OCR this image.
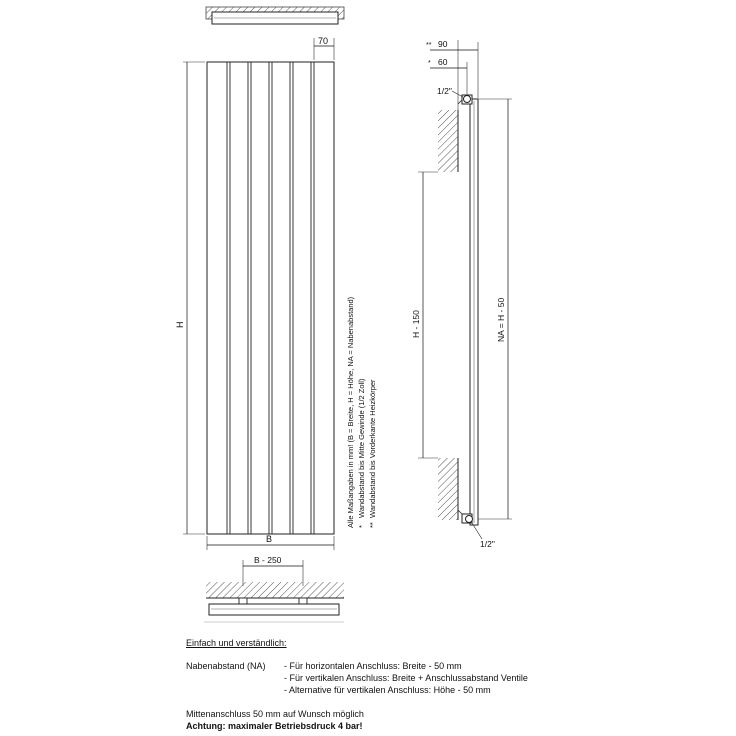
70
H
B
Alle Maßangaben in mm! (B = Breite, H = Höhe, NA = Nabenabstand) *
Wandabstand bis Mitte Gewinde (1/2 Zoll)
**
Wandabstand bis Vorderkante Heizkörper
** 90
* 60
1/2"
1/2"
H - 150	NA = H - 50
B - 250
Einfach und verständlich:
Nabenabstand (NA)	- Für horizontalen Anschluss: Breite - 50 mm
- Für vertikalen Anschluss: Breite + Anschlussabstand Ventile
- Alternative für vertikalen Anschluss: Höhe - 50 mm
Mittenanschluss 50 mm auf Wunsch möglich
Achtung: maximaler Betriebsdruck 4 bar!
